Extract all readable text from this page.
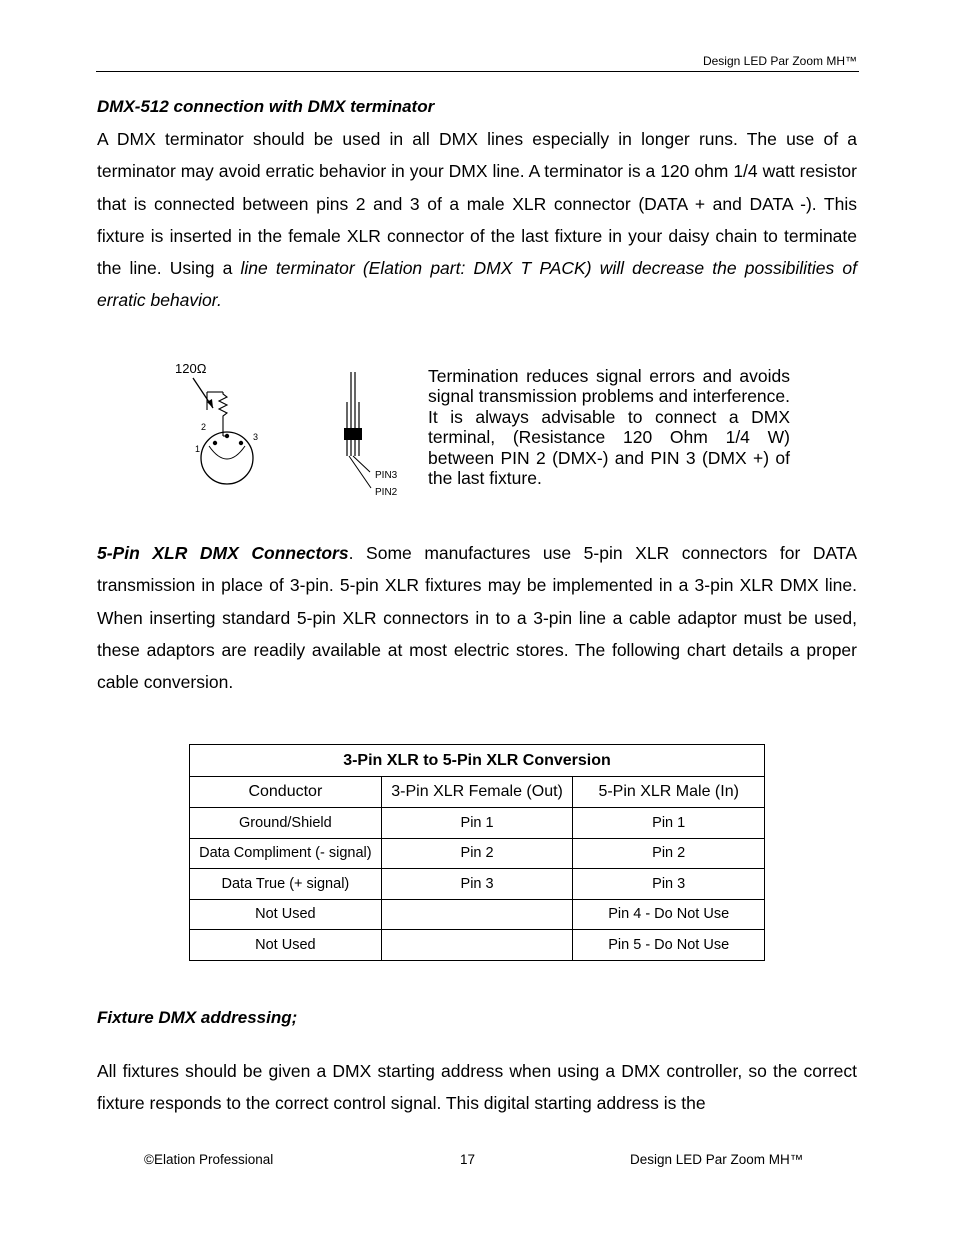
Design LED Par Zoom MH™
DMX-512 connection with DMX terminator
A DMX terminator should be used in all DMX lines especially in longer runs. The use of a terminator may avoid erratic behavior in your DMX line. A terminator is a 120 ohm 1/4 watt resistor that is connected between pins 2 and 3 of a male XLR connector (DATA + and DATA -). This fixture is inserted in the female XLR connector of the last fixture in your daisy chain to terminate the line. Using a line terminator (Elation part: DMX T PACK) will decrease the possibilities of erratic behavior.
120Ω
2
1
3
PIN3
PIN2
Termination reduces signal errors and avoids signal transmission problems and interference. It is always advisable to connect a DMX terminal, (Resistance 120 Ohm 1/4 W) between PIN 2 (DMX-) and PIN 3 (DMX +) of the last fixture.
5-Pin XLR DMX Connectors. Some manufactures use 5-pin XLR connectors for DATA transmission in place of 3-pin. 5-pin XLR fixtures may be implemented in a 3-pin XLR DMX line. When inserting standard 5-pin XLR connectors in to a 3-pin line a cable adaptor must be used, these adaptors are readily available at most electric stores. The following chart details a proper cable conversion.
3-Pin XLR to 5-Pin XLR Conversion		
Conductor	3-Pin XLR Female (Out)	5-Pin XLR Male (In)
Ground/Shield	Pin 1	Pin 1
Data Compliment (- signal)	Pin 2	Pin 2
Data True (+ signal)	Pin 3	Pin 3
Not Used		Pin 4 - Do Not Use
Not Used		Pin 5 - Do Not Use
Fixture DMX addressing;
All fixtures should be given a DMX starting address when using a DMX controller, so the correct fixture responds to the correct control signal. This digital starting address is the
©Elation Professional	17	Design LED Par Zoom MH™
